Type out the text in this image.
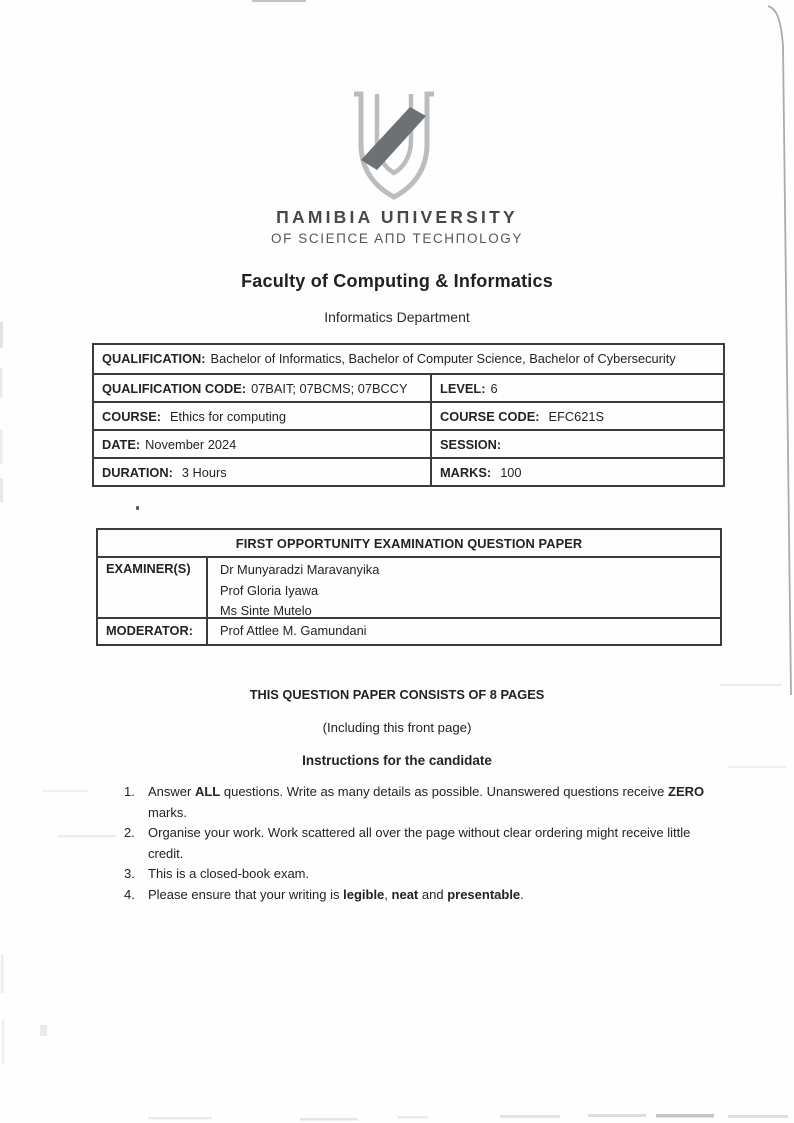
ΠAMIBIA UΠIVERSITY
OF SCIEΠCE AΠD TECHΠOLOGY
Faculty of Computing & Informatics
Informatics Department
QUALIFICATION: Bachelor of Informatics, Bachelor of Computer Science, Bachelor of Cybersecurity
QUALIFICATION CODE: 07BAIT; 07BCMS; 07BCCY	LEVEL: 6
COURSE: Ethics for computing	COURSE CODE: EFC621S
DATE: November 2024	SESSION:
DURATION: 3 Hours	MARKS: 100
FIRST OPPORTUNITY EXAMINATION QUESTION PAPER
EXAMINER(S)	Dr Munyaradzi Maravanyika
Prof Gloria Iyawa
Ms Sinte Mutelo
MODERATOR:	Prof Attlee M. Gamundani
THIS QUESTION PAPER CONSISTS OF 8 PAGES
(Including this front page)
Instructions for the candidate
1.	Answer ALL questions. Write as many details as possible. Unanswered questions receive ZERO marks.
2.	Organise your work. Work scattered all over the page without clear ordering might receive little credit.
3.	This is a closed-book exam.
4.	Please ensure that your writing is legible, neat and presentable.
